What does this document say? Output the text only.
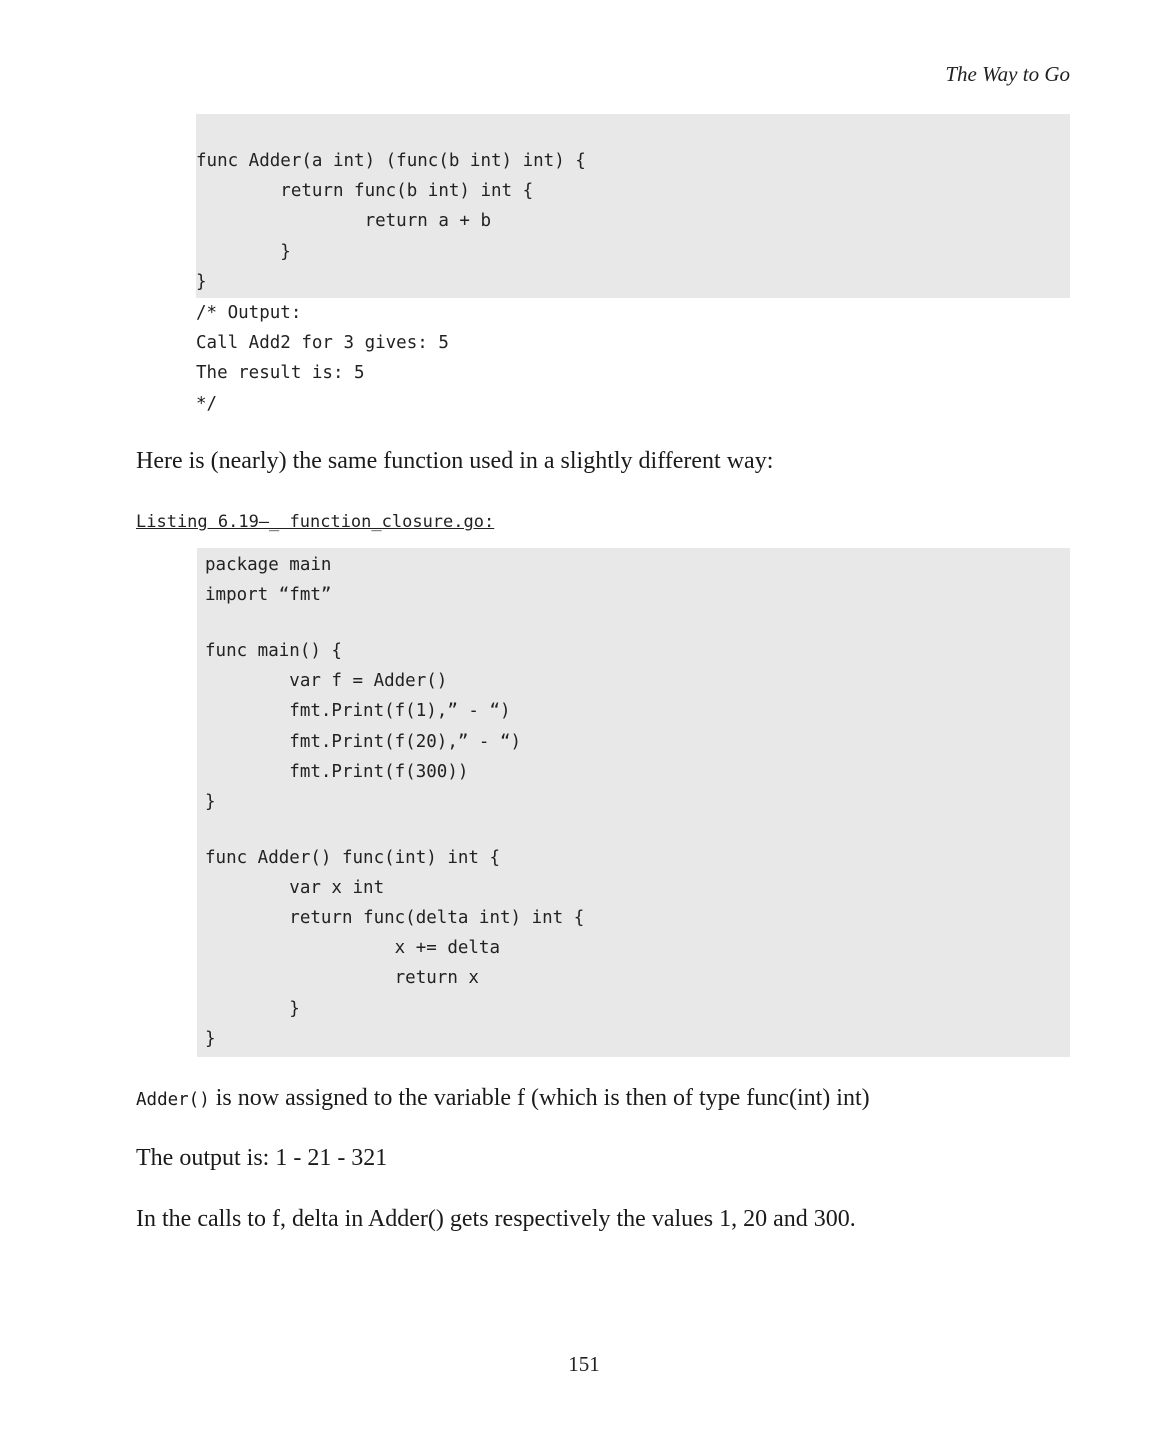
The Way to Go
func Adder(a int) (func(b int) int) {
return func(b int) int {
return a + b
}
}
/* Output:
Call Add2 for 3 gives: 5
The result is: 5
*/
Here is (nearly) the same function used in a slightly different way:
Listing 6.19—_ function_closure.go:
package main
import “fmt”
func main() {
var f = Adder()
fmt.Print(f(1),” - “)
fmt.Print(f(20),” - “)
fmt.Print(f(300))
}
func Adder() func(int) int {
var x int
return func(delta int) int {
x += delta
return x
}
}
Adder() is now assigned to the variable f (which is then of type func(int) int)
The output is: 1 - 21 - 321
In the calls to f, delta in Adder() gets respectively the values 1, 20 and 300.
151
